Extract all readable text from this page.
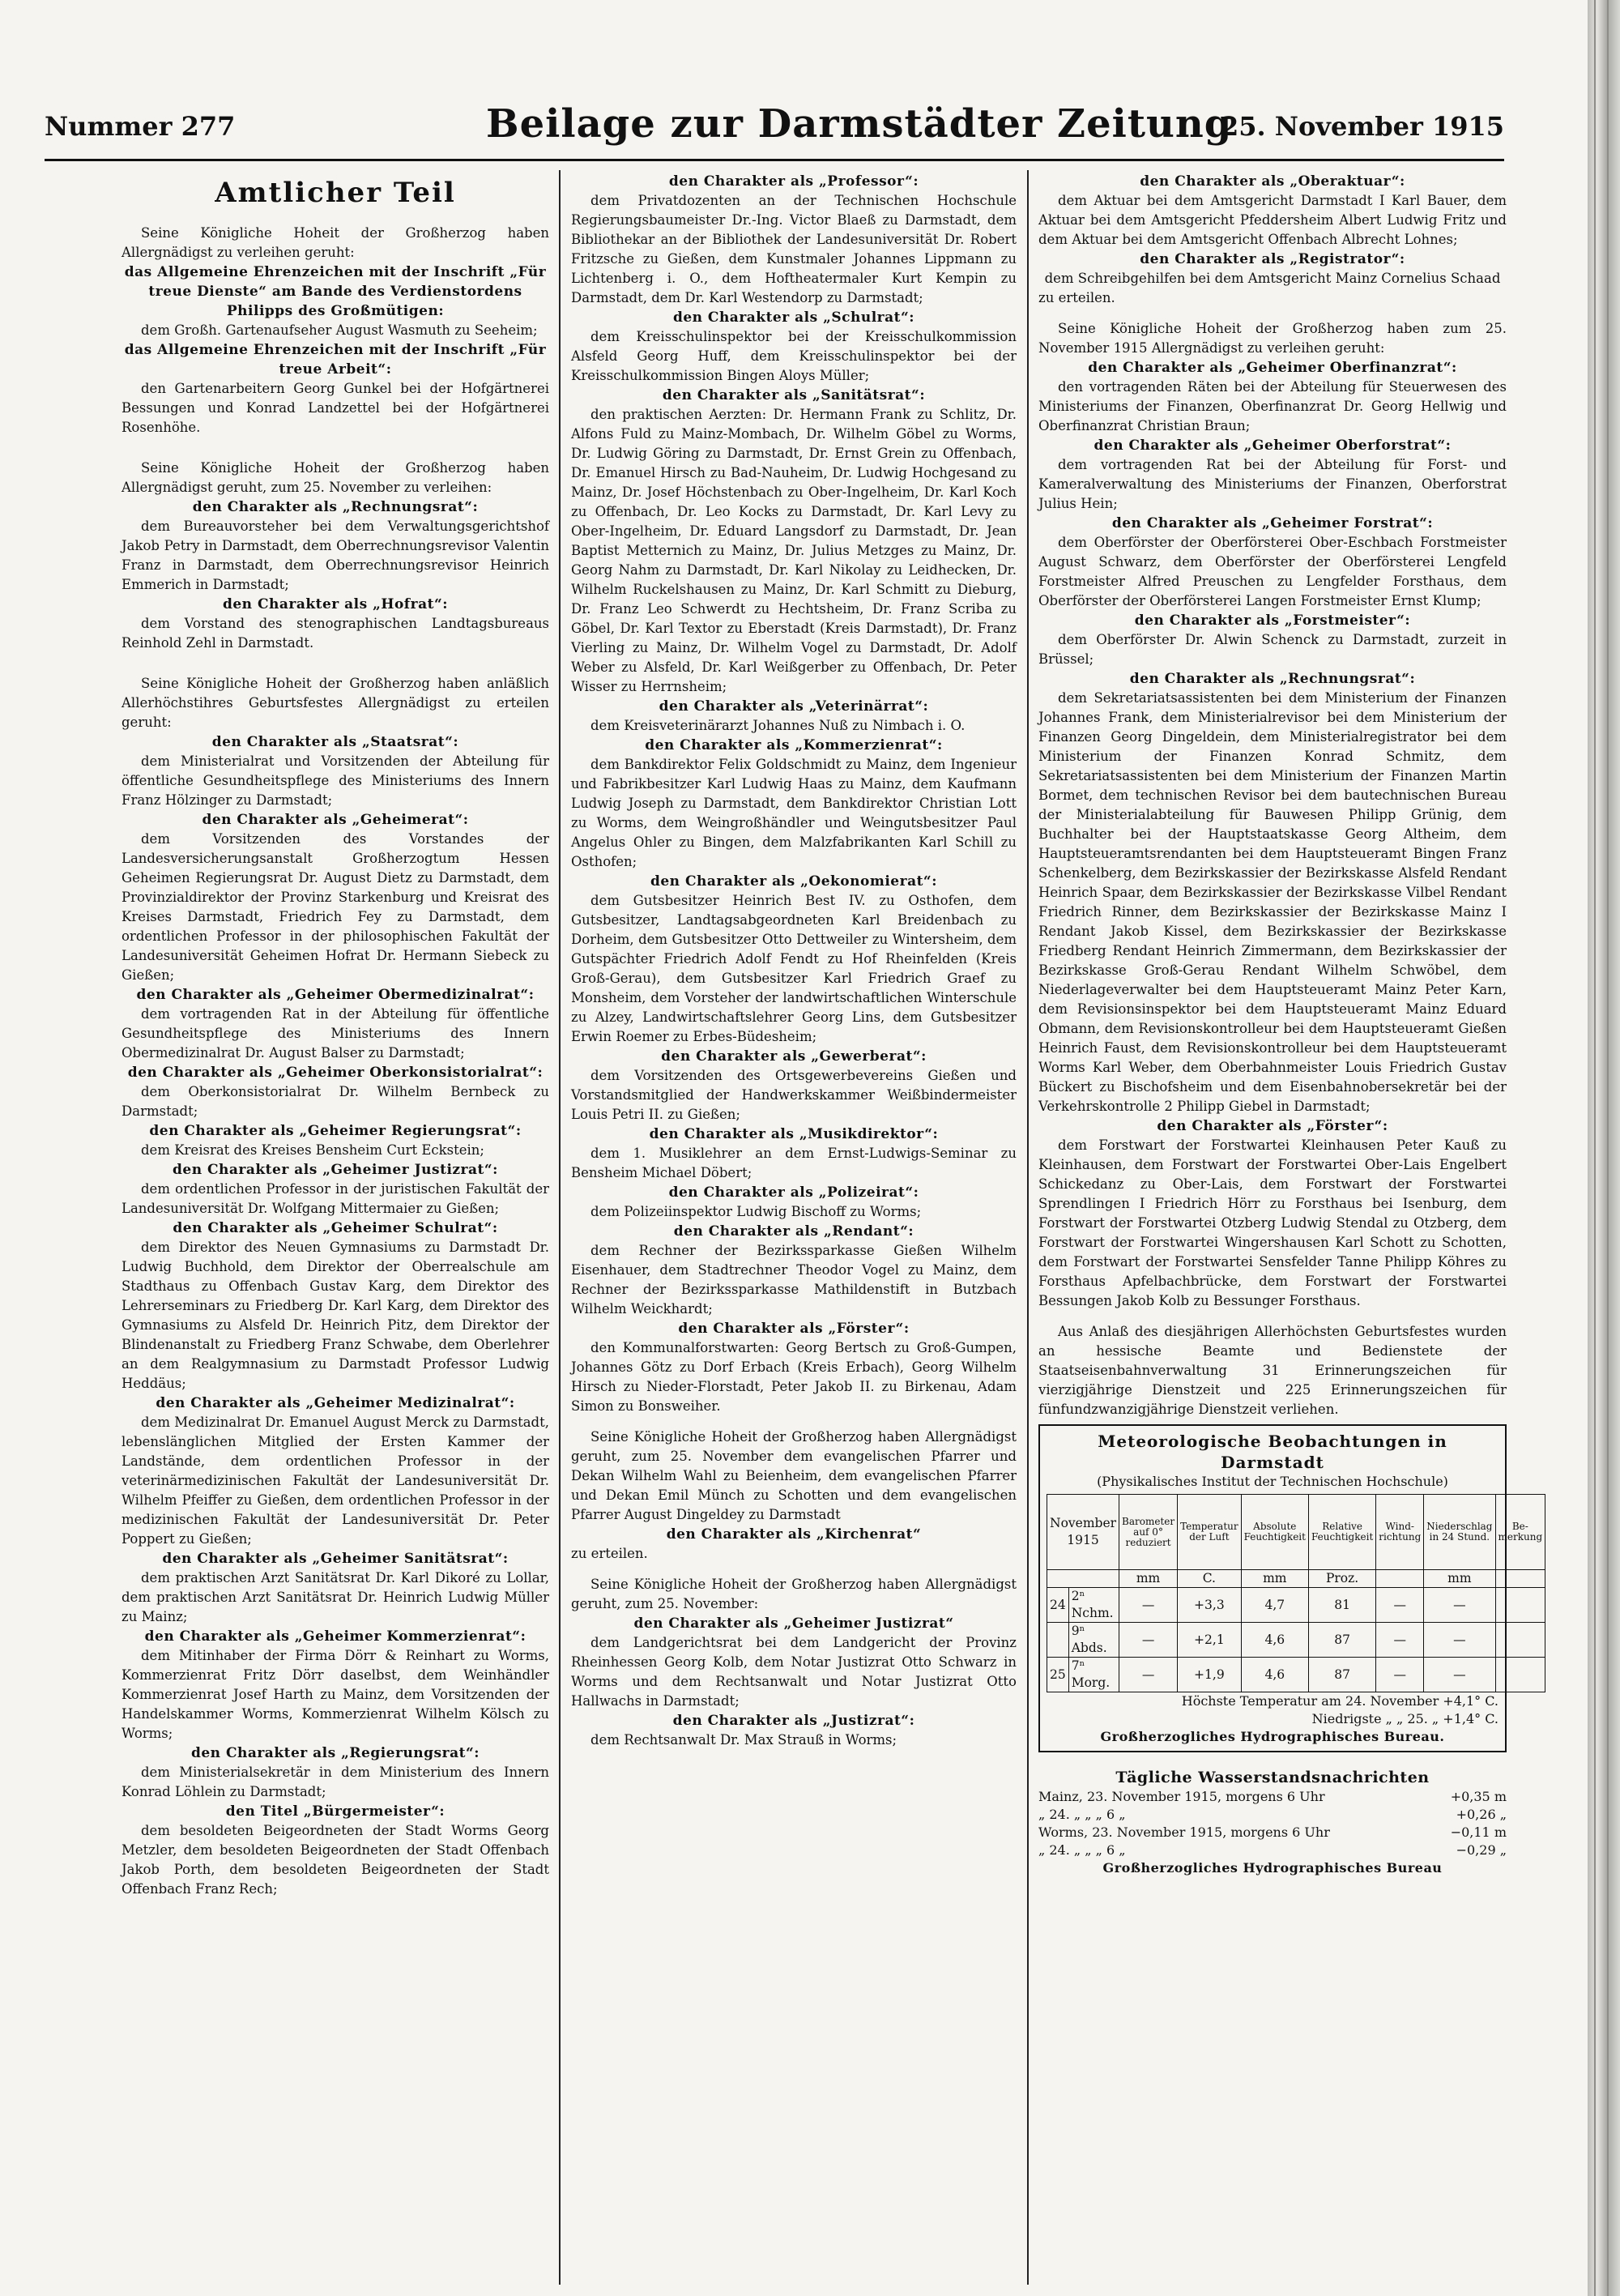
Nummer 277	Beilage zur Darmstädter Zeitung
25. November 1915
Amtlicher Teil

Seine Königliche Hoheit der Großherzog haben Allergnädigst zu verleihen geruht:

das Allgemeine Ehrenzeichen mit der Inschrift „Für treue Dienste“ am Bande des Verdienstordens Philipps des Großmütigen:

dem Großh. Gartenaufseher August Wasmuth zu Seeheim;

das Allgemeine Ehrenzeichen mit der Inschrift „Für treue Arbeit“:

den Gartenarbeitern Georg Gunkel bei der Hofgärtnerei Bessungen und Konrad Landzettel bei der Hofgärtnerei Rosenhöhe.

Seine Königliche Hoheit der Großherzog haben Allergnädigst geruht, zum 25. November zu verleihen:

den Charakter als „Rechnungsrat“:

dem Bureauvorsteher bei dem Verwaltungsgerichtshof Jakob Petry in Darmstadt, dem Oberrechnungsrevisor Valentin Franz in Darmstadt, dem Oberrechnungsrevisor Heinrich Emmerich in Darmstadt;

den Charakter als „Hofrat“:

dem Vorstand des stenographischen Landtagsbureaus Reinhold Zehl in Darmstadt.

Seine Königliche Hoheit der Großherzog haben anläßlich Allerhöchstihres Geburtsfestes Allergnädigst zu erteilen geruht:

den Charakter als „Staatsrat“:

dem Ministerialrat und Vorsitzenden der Abteilung für öffentliche Gesundheitspflege des Ministeriums des Innern Franz Hölzinger zu Darmstadt;

den Charakter als „Geheimerat“:

dem Vorsitzenden des Vorstandes der Landesversicherungsanstalt Großherzogtum Hessen Geheimen Regierungsrat Dr. August Dietz zu Darmstadt, dem Provinzialdirektor der Provinz Starkenburg und Kreisrat des Kreises Darmstadt, Friedrich Fey zu Darmstadt, dem ordentlichen Professor in der philosophischen Fakultät der Landesuniversität Geheimen Hofrat Dr. Hermann Siebeck zu Gießen;

den Charakter als „Geheimer Obermedizinalrat“:

dem vortragenden Rat in der Abteilung für öffentliche Gesundheitspflege des Ministeriums des Innern Obermedizinalrat Dr. August Balser zu Darmstadt;

den Charakter als „Geheimer Oberkonsistorialrat“:

dem Oberkonsistorialrat Dr. Wilhelm Bernbeck zu Darmstadt;

den Charakter als „Geheimer Regierungsrat“:

dem Kreisrat des Kreises Bensheim Curt Eckstein;

den Charakter als „Geheimer Justizrat“:

dem ordentlichen Professor in der juristischen Fakultät der Landesuniversität Dr. Wolfgang Mittermaier zu Gießen;

den Charakter als „Geheimer Schulrat“:

dem Direktor des Neuen Gymnasiums zu Darmstadt Dr. Ludwig Buchhold, dem Direktor der Oberrealschule am Stadthaus zu Offenbach Gustav Karg, dem Direktor des Lehrerseminars zu Friedberg Dr. Karl Karg, dem Direktor des Gymnasiums zu Alsfeld Dr. Heinrich Pitz, dem Direktor der Blindenanstalt zu Friedberg Franz Schwabe, dem Oberlehrer an dem Realgymnasium zu Darmstadt Professor Ludwig Heddäus;

den Charakter als „Geheimer Medizinalrat“:

dem Medizinalrat Dr. Emanuel August Merck zu Darmstadt, lebenslänglichen Mitglied der Ersten Kammer der Landstände, dem ordentlichen Professor in der veterinärmedizinischen Fakultät der Landesuniversität Dr. Wilhelm Pfeiffer zu Gießen, dem ordentlichen Professor in der medizinischen Fakultät der Landesuniversität Dr. Peter Poppert zu Gießen;

den Charakter als „Geheimer Sanitätsrat“:

dem praktischen Arzt Sanitätsrat Dr. Karl Dikoré zu Lollar, dem praktischen Arzt Sanitätsrat Dr. Heinrich Ludwig Müller zu Mainz;

den Charakter als „Geheimer Kommerzienrat“:

dem Mitinhaber der Firma Dörr & Reinhart zu Worms, Kommerzienrat Fritz Dörr daselbst, dem Weinhändler Kommerzienrat Josef Harth zu Mainz, dem Vorsitzenden der Handelskammer Worms, Kommerzienrat Wilhelm Kölsch zu Worms;

den Charakter als „Regierungsrat“:

dem Ministerialsekretär in dem Ministerium des Innern Konrad Löhlein zu Darmstadt;

den Titel „Bürgermeister“:

dem besoldeten Beigeordneten der Stadt Worms Georg Metzler, dem besoldeten Beigeordneten der Stadt Offenbach Jakob Porth, dem besoldeten Beigeordneten der Stadt Offenbach Franz Rech;

den Charakter als „Professor“:

dem Privatdozenten an der Technischen Hochschule Regierungsbaumeister Dr.-Ing. Victor Blaeß zu Darmstadt, dem Bibliothekar an der Bibliothek der Landesuniversität Dr. Robert Fritzsche zu Gießen, dem Kunstmaler Johannes Lippmann zu Lichtenberg i. O., dem Hoftheatermaler Kurt Kempin zu Darmstadt, dem Dr. Karl Westendorp zu Darmstadt;

den Charakter als „Schulrat“:

dem Kreisschulinspektor bei der Kreisschulkommission Alsfeld Georg Huff, dem Kreisschulinspektor bei der Kreisschulkommission Bingen Aloys Müller;

den Charakter als „Sanitätsrat“:

den praktischen Aerzten: Dr. Hermann Frank zu Schlitz, Dr. Alfons Fuld zu Mainz-Mombach, Dr. Wilhelm Göbel zu Worms, Dr. Ludwig Göring zu Darmstadt, Dr. Ernst Grein zu Offenbach, Dr. Emanuel Hirsch zu Bad-Nauheim, Dr. Ludwig Hochgesand zu Mainz, Dr. Josef Höchstenbach zu Ober-Ingelheim, Dr. Karl Koch zu Offenbach, Dr. Leo Kocks zu Darmstadt, Dr. Karl Levy zu Ober-Ingelheim, Dr. Eduard Langsdorf zu Darmstadt, Dr. Jean Baptist Metternich zu Mainz, Dr. Julius Metzges zu Mainz, Dr. Georg Nahm zu Darmstadt, Dr. Karl Nikolay zu Leidhecken, Dr. Wilhelm Ruckelshausen zu Mainz, Dr. Karl Schmitt zu Dieburg, Dr. Franz Leo Schwerdt zu Hechtsheim, Dr. Franz Scriba zu Göbel, Dr. Karl Textor zu Eberstadt (Kreis Darmstadt), Dr. Franz Vierling zu Mainz, Dr. Wilhelm Vogel zu Darmstadt, Dr. Adolf Weber zu Alsfeld, Dr. Karl Weißgerber zu Offenbach, Dr. Peter Wisser zu Herrnsheim;

den Charakter als „Veterinärrat“:

dem Kreisveterinärarzt Johannes Nuß zu Nimbach i. O.

den Charakter als „Kommerzienrat“:

dem Bankdirektor Felix Goldschmidt zu Mainz, dem Ingenieur und Fabrikbesitzer Karl Ludwig Haas zu Mainz, dem Kaufmann Ludwig Joseph zu Darmstadt, dem Bankdirektor Christian Lott zu Worms, dem Weingroßhändler und Weingutsbesitzer Paul Angelus Ohler zu Bingen, dem Malzfabrikanten Karl Schill zu Osthofen;

den Charakter als „Oekonomierat“:

dem Gutsbesitzer Heinrich Best IV. zu Osthofen, dem Gutsbesitzer, Landtagsabgeordneten Karl Breidenbach zu Dorheim, dem Gutsbesitzer Otto Dettweiler zu Wintersheim, dem Gutspächter Friedrich Adolf Fendt zu Hof Rheinfelden (Kreis Groß-Gerau), dem Gutsbesitzer Karl Friedrich Graef zu Monsheim, dem Vorsteher der landwirtschaftlichen Winterschule zu Alzey, Landwirtschaftslehrer Georg Lins, dem Gutsbesitzer Erwin Roemer zu Erbes-Büdesheim;

den Charakter als „Gewerberat“:

dem Vorsitzenden des Ortsgewerbevereins Gießen und Vorstandsmitglied der Handwerkskammer Weißbindermeister Louis Petri II. zu Gießen;

den Charakter als „Musikdirektor“:

dem 1. Musiklehrer an dem Ernst-Ludwigs-Seminar zu Bensheim Michael Döbert;

den Charakter als „Polizeirat“:

dem Polizeiinspektor Ludwig Bischoff zu Worms;

den Charakter als „Rendant“:

dem Rechner der Bezirkssparkasse Gießen Wilhelm Eisenhauer, dem Stadtrechner Theodor Vogel zu Mainz, dem Rechner der Bezirkssparkasse Mathildenstift in Butzbach Wilhelm Weickhardt;

den Charakter als „Förster“:

den Kommunalforstwarten: Georg Bertsch zu Groß-Gumpen, Johannes Götz zu Dorf Erbach (Kreis Erbach), Georg Wilhelm Hirsch zu Nieder-Florstadt, Peter Jakob II. zu Birkenau, Adam Simon zu Bonsweiher.

Seine Königliche Hoheit der Großherzog haben Allergnädigst geruht, zum 25. November dem evangelischen Pfarrer und Dekan Wilhelm Wahl zu Beienheim, dem evangelischen Pfarrer und Dekan Emil Münch zu Schotten und dem evangelischen Pfarrer August Dingeldey zu Darmstadt

den Charakter als „Kirchenrat“

zu erteilen.

Seine Königliche Hoheit der Großherzog haben Allergnädigst geruht, zum 25. November:

den Charakter als „Geheimer Justizrat“

dem Landgerichtsrat bei dem Landgericht der Provinz Rheinhessen Georg Kolb, dem Notar Justizrat Otto Schwarz in Worms und dem Rechtsanwalt und Notar Justizrat Otto Hallwachs in Darmstadt;

den Charakter als „Justizrat“:

dem Rechtsanwalt Dr. Max Strauß in Worms;

den Charakter als „Oberaktuar“:

dem Aktuar bei dem Amtsgericht Darmstadt I Karl Bauer, dem Aktuar bei dem Amtsgericht Pfeddersheim Albert Ludwig Fritz und dem Aktuar bei dem Amtsgericht Offenbach Albrecht Lohnes;

den Charakter als „Registrator“:

dem Schreibgehilfen bei dem Amtsgericht Mainz Cornelius Schaad

zu erteilen.

Seine Königliche Hoheit der Großherzog haben zum 25. November 1915 Allergnädigst zu verleihen geruht:

den Charakter als „Geheimer Oberfinanzrat“:

den vortragenden Räten bei der Abteilung für Steuerwesen des Ministeriums der Finanzen, Oberfinanzrat Dr. Georg Hellwig und Oberfinanzrat Christian Braun;

den Charakter als „Geheimer Oberforstrat“:

dem vortragenden Rat bei der Abteilung für Forst- und Kameralverwaltung des Ministeriums der Finanzen, Oberforstrat Julius Hein;

den Charakter als „Geheimer Forstrat“:

dem Oberförster der Oberförsterei Ober-Eschbach Forstmeister August Schwarz, dem Oberförster der Oberförsterei Lengfeld Forstmeister Alfred Preuschen zu Lengfelder Forsthaus, dem Oberförster der Oberförsterei Langen Forstmeister Ernst Klump;

den Charakter als „Forstmeister“:

dem Oberförster Dr. Alwin Schenck zu Darmstadt, zurzeit in Brüssel;

den Charakter als „Rechnungsrat“:

dem Sekretariatsassistenten bei dem Ministerium der Finanzen Johannes Frank, dem Ministerialrevisor bei dem Ministerium der Finanzen Georg Dingeldein, dem Ministerialregistrator bei dem Ministerium der Finanzen Konrad Schmitz, dem Sekretariatsassistenten bei dem Ministerium der Finanzen Martin Bormet, dem technischen Revisor bei dem bautechnischen Bureau der Ministerialabteilung für Bauwesen Philipp Grünig, dem Buchhalter bei der Hauptstaatskasse Georg Altheim, dem Hauptsteueramtsrendanten bei dem Hauptsteueramt Bingen Franz Schenkelberg, dem Bezirkskassier der Bezirkskasse Alsfeld Rendant Heinrich Spaar, dem Bezirkskassier der Bezirkskasse Vilbel Rendant Friedrich Rinner, dem Bezirkskassier der Bezirkskasse Mainz I Rendant Jakob Kissel, dem Bezirkskassier der Bezirkskasse Friedberg Rendant Heinrich Zimmermann, dem Bezirkskassier der Bezirkskasse Groß-Gerau Rendant Wilhelm Schwöbel, dem Niederlageverwalter bei dem Hauptsteueramt Mainz Peter Karn, dem Revisionsinspektor bei dem Hauptsteueramt Mainz Eduard Obmann, dem Revisionskontrolleur bei dem Hauptsteueramt Gießen Heinrich Faust, dem Revisionskontrolleur bei dem Hauptsteueramt Worms Karl Weber, dem Oberbahnmeister Louis Friedrich Gustav Bückert zu Bischofsheim und dem Eisenbahnobersekretär bei der Verkehrskontrolle 2 Philipp Giebel in Darmstadt;

den Charakter als „Förster“:

dem Forstwart der Forstwartei Kleinhausen Peter Kauß zu Kleinhausen, dem Forstwart der Forstwartei Ober-Lais Engelbert Schickedanz zu Ober-Lais, dem Forstwart der Forstwartei Sprendlingen I Friedrich Hörr zu Forsthaus bei Isenburg, dem Forstwart der Forstwartei Otzberg Ludwig Stendal zu Otzberg, dem Forstwart der Forstwartei Wingershausen Karl Schott zu Schotten, dem Forstwart der Forstwartei Sensfelder Tanne Philipp Köhres zu Forsthaus Apfelbachbrücke, dem Forstwart der Forstwartei Bessungen Jakob Kolb zu Bessunger Forsthaus.

Aus Anlaß des diesjährigen Allerhöchsten Geburtsfestes wurden an hessische Beamte und Bedienstete der Staatseisenbahnverwaltung 31 Erinnerungszeichen für vierzigjährige Dienstzeit und 225 Erinnerungszeichen für fünfundzwanzigjährige Dienstzeit verliehen.

Meteorologische Beobachtungen in Darmstadt
(Physikalisches Institut der Technischen Hochschule)
November 1915		Barometer auf 0° reduziert	Temperatur der Luft	Absolute Feuchtigkeit	Relative Feuchtigkeit	Wind-richtung	Niederschlag in 24 Stund.	Be-merkung
		mm	C.	mm	Proz.		mm	
24	2ⁿ Nchm.	—	+3,3	4,7	81	—	—	
	9ⁿ Abds.	—	+2,1	4,6	87	—	—	
25	7ⁿ Morg.	—	+1,9	4,6	87	—	—	
Höchste Temperatur am 24. November +4,1° C.
Niedrigste „ „ 25. „ +1,4° C.
Großherzogliches Hydrographisches Bureau.
Tägliche Wasserstandsnachrichten
Mainz, 23. November 1915, morgens 6 Uhr	+0,35 m
„ 24. „ „ „ 6 „	+0,26 „
Worms, 23. November 1915, morgens 6 Uhr	−0,11 m
„ 24. „ „ „ 6 „	−0,29 „
Großherzogliches Hydrographisches Bureau
